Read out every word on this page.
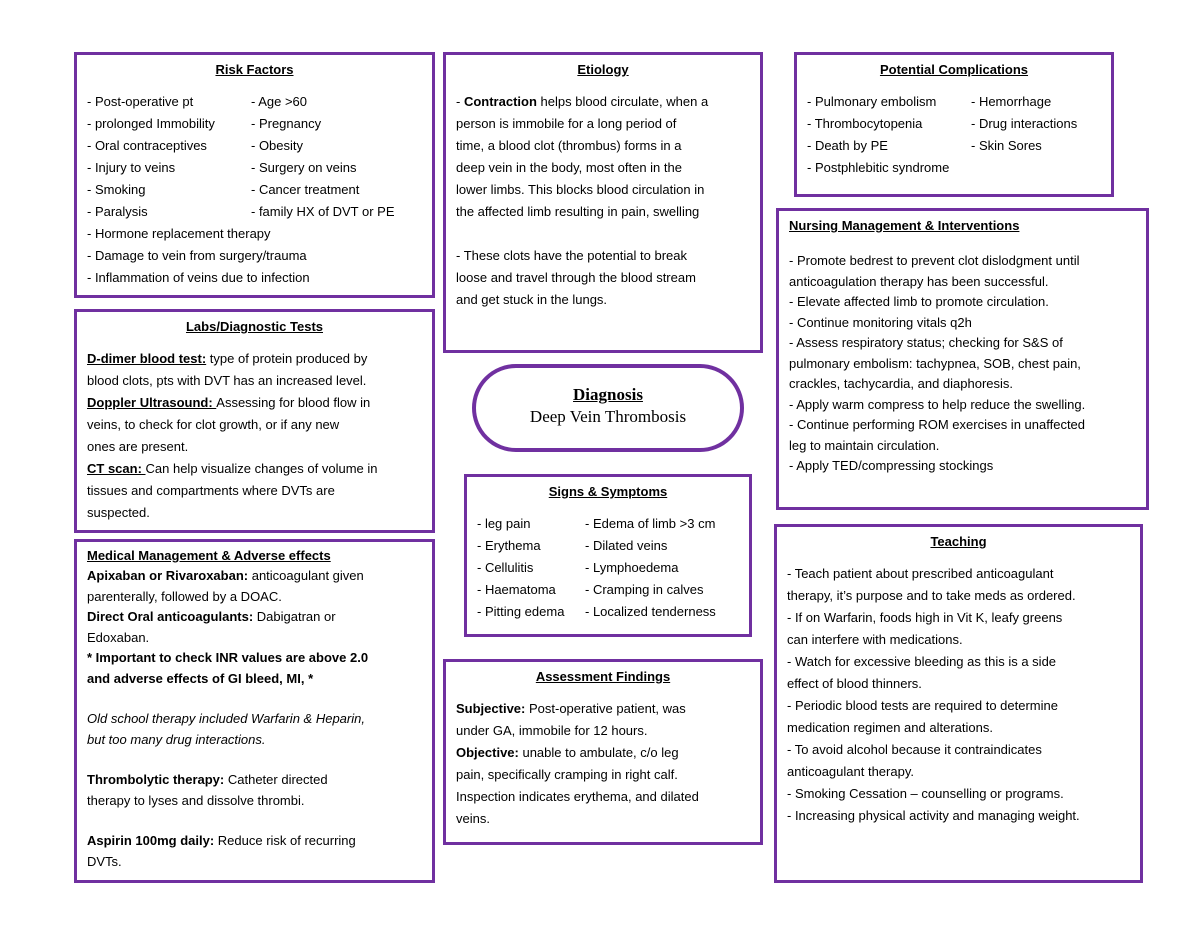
Risk Factors
- Post-operative pt	- Age >60
- prolonged Immobility	- Pregnancy
- Oral contraceptives	- Obesity
- Injury to veins	- Surgery on veins
- Smoking	- Cancer treatment
- Paralysis	- family HX of DVT or PE
- Hormone replacement therapy
- Damage to vein from surgery/trauma
- Inflammation of veins due to infection
Etiology
- Contraction helps blood circulate, when a
person is immobile for a long period of
time, a blood clot (thrombus) forms in a
deep vein in the body, most often in the
lower limbs. This blocks blood circulation in
the affected limb resulting in pain, swelling
- These clots have the potential to break
loose and travel through the blood stream
and get stuck in the lungs.
Potential Complications
- Pulmonary embolism	- Hemorrhage
- Thrombocytopenia	- Drug interactions
- Death by PE	- Skin Sores
- Postphlebitic syndrome
Labs/Diagnostic Tests
D-dimer blood test: type of protein produced by
blood clots, pts with DVT has an increased level.
Doppler Ultrasound: Assessing for blood flow in
veins, to check for clot growth, or if any new
ones are present.
CT scan: Can help visualize changes of volume in
tissues and compartments where DVTs are
suspected.
Diagnosis
Deep Vein Thrombosis
Nursing Management & Interventions
- Promote bedrest to prevent clot dislodgment until
anticoagulation therapy has been successful.
- Elevate affected limb to promote circulation.
- Continue monitoring vitals q2h
- Assess respiratory status; checking for S&S of
pulmonary embolism: tachypnea, SOB, chest pain,
crackles, tachycardia, and diaphoresis.
- Apply warm compress to help reduce the swelling.
- Continue performing ROM exercises in unaffected
leg to maintain circulation.
- Apply TED/compressing stockings
Signs & Symptoms
- leg pain	- Edema of limb >3 cm
- Erythema	- Dilated veins
- Cellulitis	- Lymphoedema
- Haematoma	- Cramping in calves
- Pitting edema	- Localized tenderness
Medical Management & Adverse effects
Apixaban or Rivaroxaban: anticoagulant given
parenterally, followed by a DOAC.
Direct Oral anticoagulants: Dabigatran or
Edoxaban.
* Important to check INR values are above 2.0
and adverse effects of GI bleed, MI, *
Old school therapy included Warfarin & Heparin,
but too many drug interactions.
Thrombolytic therapy: Catheter directed
therapy to lyses and dissolve thrombi.
Aspirin 100mg daily: Reduce risk of recurring
DVTs.
Assessment Findings
Subjective: Post-operative patient, was
under GA, immobile for 12 hours.
Objective: unable to ambulate, c/o leg
pain, specifically cramping in right calf.
Inspection indicates erythema, and dilated
veins.
Teaching
- Teach patient about prescribed anticoagulant
therapy, it’s purpose and to take meds as ordered.
- If on Warfarin, foods high in Vit K, leafy greens
can interfere with medications.
- Watch for excessive bleeding as this is a side
effect of blood thinners.
- Periodic blood tests are required to determine
medication regimen and alterations.
- To avoid alcohol because it contraindicates
anticoagulant therapy.
- Smoking Cessation – counselling or programs.
- Increasing physical activity and managing weight.
